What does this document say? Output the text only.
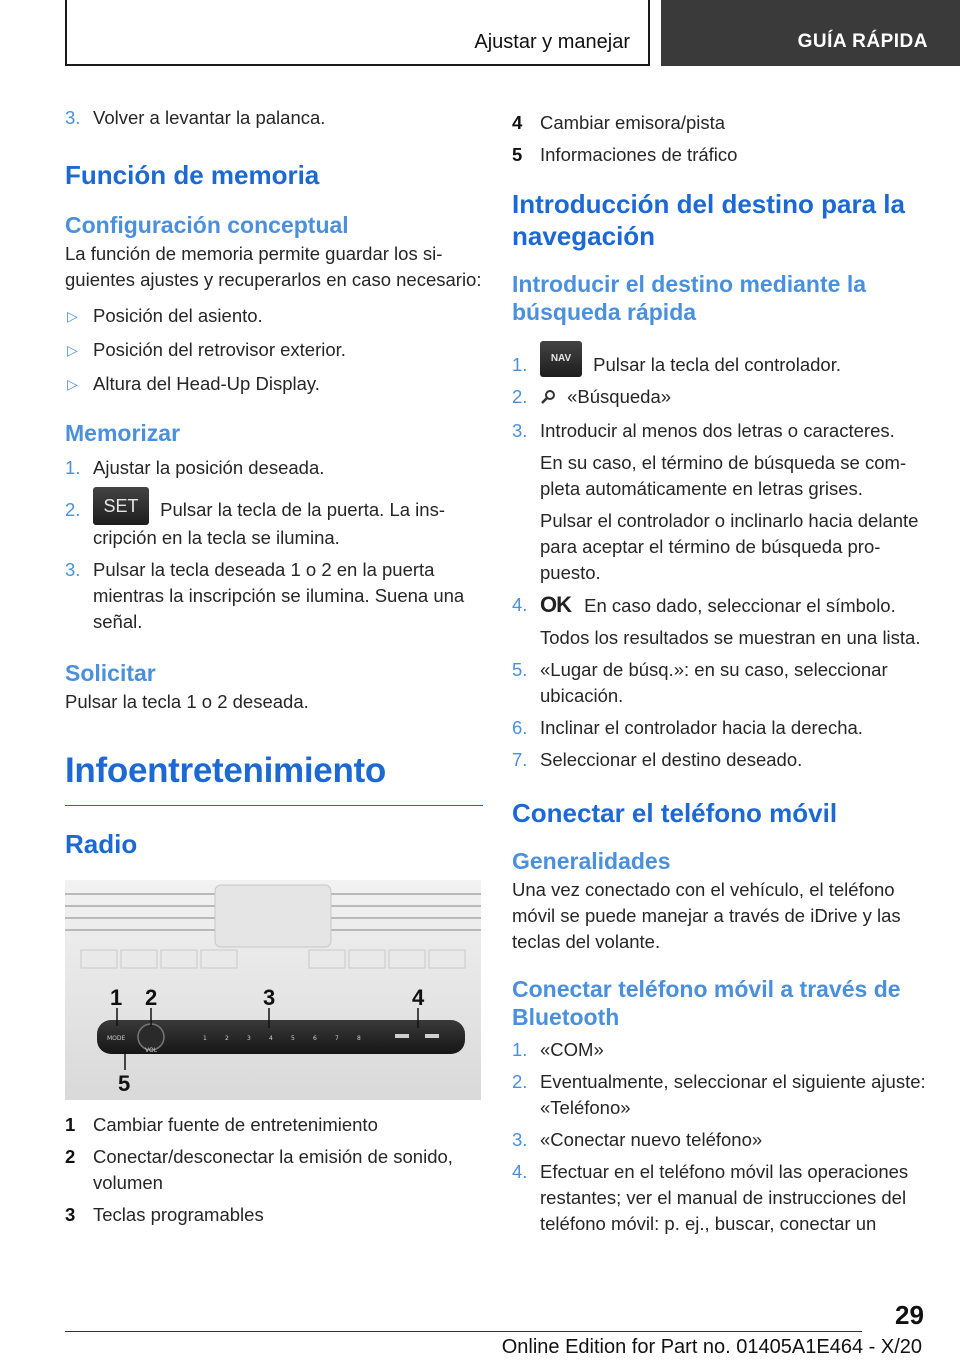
Ajustar y manejar	GUÍA RÁPIDA
3. Volver a levantar la palanca.
Función de memoria
Configuración conceptual

La función de memoria permite guardar los siguientes ajustes y recuperarlos en caso necesario:

▷ Posición del asiento.
▷ Posición del retrovisor exterior.
▷ Altura del Head-Up Display.
Memorizar
1. Ajustar la posición deseada.
2. SET Pulsar la tecla de la puerta. La inscripción en la tecla se ilumina.
3. Pulsar la tecla deseada 1 o 2 en la puerta mientras la inscripción se ilumina. Suena una señal.
Solicitar

Pulsar la tecla 1 o 2 deseada.

Infoentretenimiento
Radio
MODE
VOL
1	2	3	4	5	6	7	8
1 2	3	4
5
1 Cambiar fuente de entretenimiento
2 Conectar/desconectar la emisión de sonido, volumen
3 Teclas programables
4 Cambiar emisora/pista
5 Informaciones de tráfico
Introducción del destino para la navegación
Introducir el destino mediante la búsqueda rápida
1. NAV Pulsar la tecla del controlador.
2. «Búsqueda»
3. Introducir al menos dos letras o caracteres.
En su caso, el término de búsqueda se completa automáticamente en letras grises.
Pulsar el controlador o inclinarlo hacia delante para aceptar el término de búsqueda propuesto.
4. OK En caso dado, seleccionar el símbolo.
Todos los resultados se muestran en una lista.
5. «Lugar de búsq.»: en su caso, seleccionar ubicación.
6. Inclinar el controlador hacia la derecha.
7. Seleccionar el destino deseado.
Conectar el teléfono móvil
Generalidades

Una vez conectado con el vehículo, el teléfono móvil se puede manejar a través de iDrive y las teclas del volante.

Conectar teléfono móvil a través de Bluetooth
1. «COM»
2. Eventualmente, seleccionar el siguiente ajuste: «Teléfono»
3. «Conectar nuevo teléfono»
4. Efectuar en el teléfono móvil las operaciones restantes; ver el manual de instrucciones del teléfono móvil: p. ej., buscar, conectar un
29
Online Edition for Part no. 01405A1E464 - X/20
